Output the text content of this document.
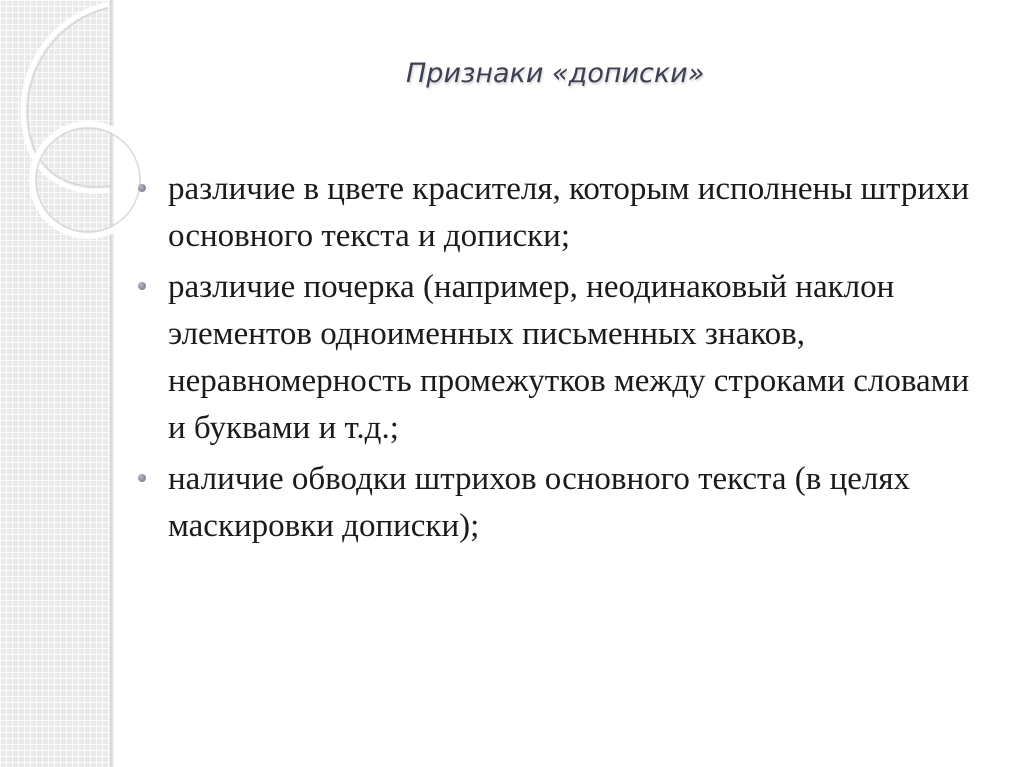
Признаки «дописки»
различие в цвете красителя, которым исполнены штрихи основного текста и дописки;
различие почерка (например, неодинаковый наклон элементов одноименных письменных знаков, неравномерность промежутков между строками словами и буквами и т.д.;
наличие обводки штрихов основного текста (в целях маскировки дописки);
